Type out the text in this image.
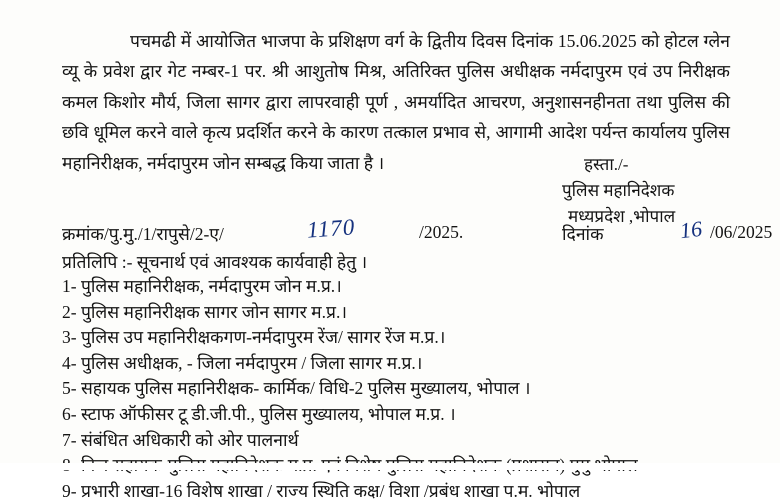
पचमढी में आयोजित भाजपा के प्रशिक्षण वर्ग के द्वितीय दिवस दिनांक 15.06.2025 को होटल ग्लेन व्यू के प्रवेश द्वार गेट नम्बर-1 पर. श्री आशुतोष मिश्र, अतिरिक्त पुलिस अधीक्षक नर्मदापुरम एवं उप निरीक्षक कमल किशोर मौर्य, जिला सागर द्वारा लापरवाही पूर्ण , अमर्यादित आचरण, अनुशासनहीनता तथा पुलिस की छवि धूमिल करने वाले कृत्य प्रदर्शित करने के कारण तत्काल प्रभाव से, आगामी आदेश पर्यन्त कार्यालय पुलिस महानिरीक्षक, नर्मदापुरम जोन सम्बद्ध किया जाता है ।	हस्ता./-
पुलिस महानिदेशक
मध्यप्रदेश ,भोपाल
क्रमांक/पु.मु./1/रापुसे/2-ए/	1170	/2025.	दिनांक	16 /06/2025
प्रतिलिपि :- सूचनार्थ एवं आवश्यक कार्यवाही हेतु ।
1- पुलिस महानिरीक्षक, नर्मदापुरम जोन म.प्र.।
2- पुलिस महानिरीक्षक सागर जोन सागर म.प्र.।
3- पुलिस उप महानिरीक्षकगण-नर्मदापुरम रेंज/ सागर रेंज म.प्र.।
4- पुलिस अधीक्षक, - जिला नर्मदापुरम / जिला सागर म.प्र.।
5- सहायक पुलिस महानिरीक्षक- कार्मिक/ विधि-2 पुलिस मुख्यालय, भोपाल ।
6- स्टाफ ऑफीसर टू डी.जी.पी., पुलिस मुख्यालय, भोपाल म.प्र. ।
7- संबंधित अधिकारी को ओर पालनार्थ
9- प्रभारी शाखा-16 विशेष शाखा / राज्य स्थिति कक्ष/ विशा /प्रबंध शाखा प.म. भोपाल
